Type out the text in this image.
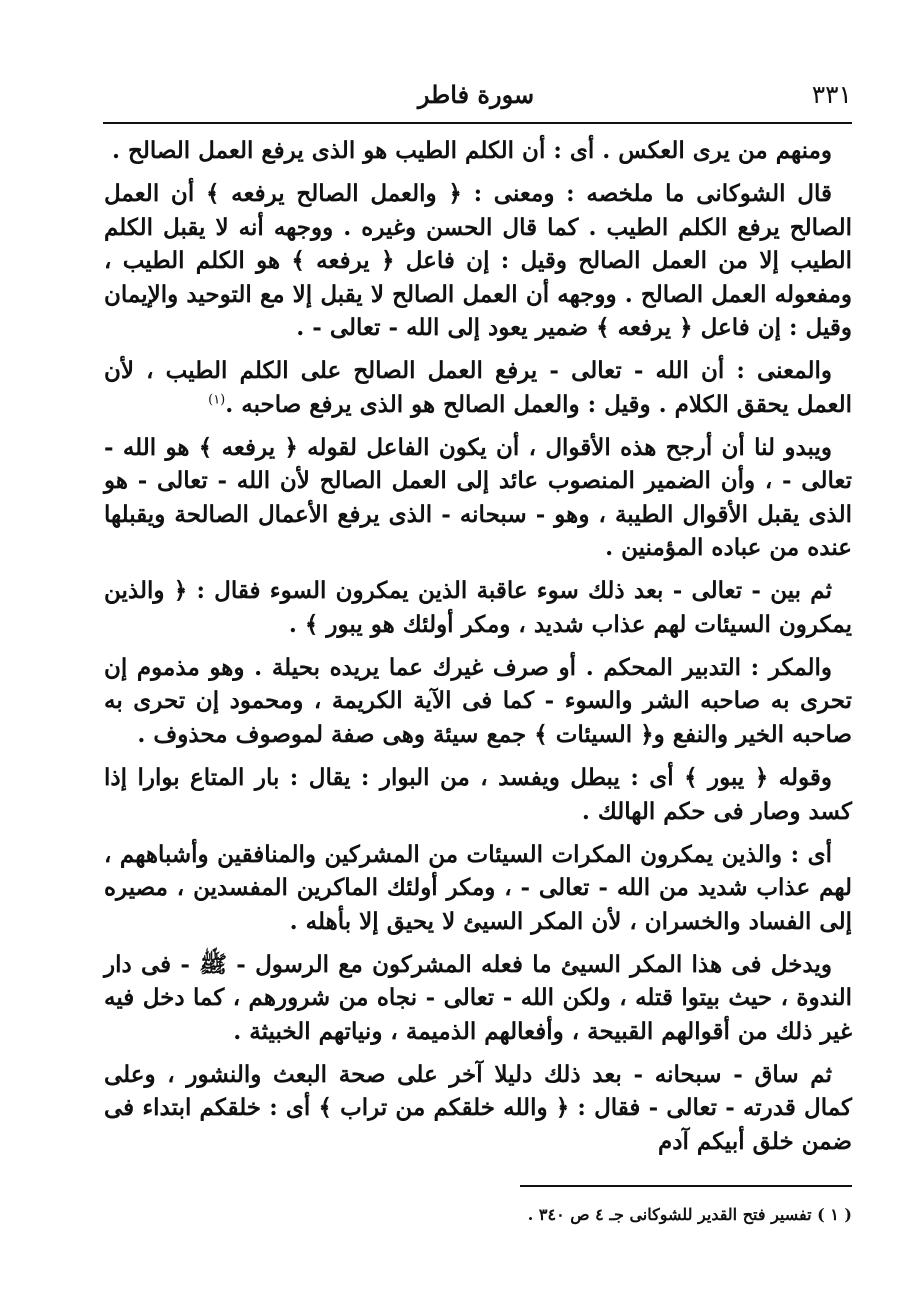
٣٣١
سورة فاطر

ومنهم من يرى العكس . أى : أن الكلم الطيب هو الذى يرفع العمل الصالح .

قال الشوكانى ما ملخصه : ومعنى : ﴿ والعمل الصالح يرفعه ﴾ أن العمل الصالح يرفع الكلم الطيب . كما قال الحسن وغيره . ووجهه أنه لا يقبل الكلم الطيب إلا من العمل الصالح وقيل : إن فاعل ﴿ يرفعه ﴾ هو الكلم الطيب ، ومفعوله العمل الصالح . ووجهه أن العمل الصالح لا يقبل إلا مع التوحيد والإيمان وقيل : إن فاعل ﴿ يرفعه ﴾ ضمير يعود إلى الله - تعالى - .

والمعنى : أن الله - تعالى - يرفع العمل الصالح على الكلم الطيب ، لأن العمل يحقق الكلام . وقيل : والعمل الصالح هو الذى يرفع صاحبه .$^{(١)}$

ويبدو لنا أن أرجح هذه الأقوال ، أن يكون الفاعل لقوله ﴿ يرفعه ﴾ هو الله - تعالى - ، وأن الضمير المنصوب عائد إلى العمل الصالح لأن الله - تعالى - هو الذى يقبل الأقوال الطيبة ، وهو - سبحانه - الذى يرفع الأعمال الصالحة ويقبلها عنده من عباده المؤمنين .

ثم بين - تعالى - بعد ذلك سوء عاقبة الذين يمكرون السوء فقال : ﴿ والذين يمكرون السيئات لهم عذاب شديد ، ومكر أولئك هو يبور ﴾ .

والمكر : التدبير المحكم . أو صرف غيرك عما يريده بحيلة . وهو مذموم إن تحرى به صاحبه الشر والسوء - كما فى الآية الكريمة ، ومحمود إن تحرى به صاحبه الخير والنفع و﴿ السيئات ﴾ جمع سيئة وهى صفة لموصوف محذوف .

وقوله ﴿ يبور ﴾ أى : يبطل ويفسد ، من البوار : يقال : بار المتاع بوارا إذا كسد وصار فى حكم الهالك .

أى : والذين يمكرون المكرات السيئات من المشركين والمنافقين وأشباههم ، لهم عذاب شديد من الله - تعالى - ، ومكر أولئك الماكرين المفسدين ، مصيره إلى الفساد والخسران ، لأن المكر السيئ لا يحيق إلا بأهله .

ويدخل فى هذا المكر السيئ ما فعله المشركون مع الرسول - ﷺ - فى دار الندوة ، حيث بيتوا قتله ، ولكن الله - تعالى - نجاه من شرورهم ، كما دخل فيه غير ذلك من أقوالهم القبيحة ، وأفعالهم الذميمة ، ونياتهم الخبيثة .

ثم ساق - سبحانه - بعد ذلك دليلا آخر على صحة البعث والنشور ، وعلى كمال قدرته - تعالى - فقال : ﴿ والله خلقكم من تراب ﴾ أى : خلقكم ابتداء فى ضمن خلق أبيكم آدم

( ١ ) تفسير فتح القدير للشوكانى جـ ٤ ص ٣٤٠ .
